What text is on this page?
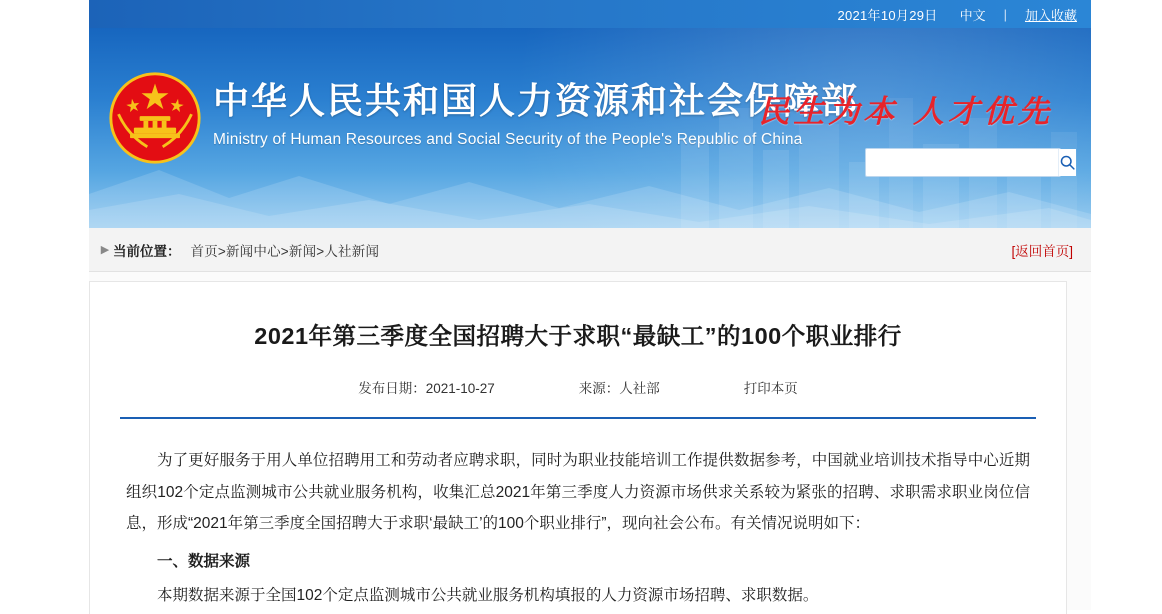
2021年10月29日 中文 | 加入收藏
中华人民共和国人力资源和社会保障部
Ministry of Human Resources and Social Security of the People's Republic of China
民生为本 人才优先
▶ 当前位置： 首页>新闻中心>新闻>人社新闻	[返回首页]
2021年第三季度全国招聘大于求职“最缺工”的100个职业排行
发布日期：2021-10-27	来源：人社部	打印本页

为了更好服务于用人单位招聘用工和劳动者应聘求职，同时为职业技能培训工作提供数据参考，中国就业培训技术指导中心近期组织102个定点监测城市公共就业服务机构，收集汇总2021年第三季度人力资源市场供求关系较为紧张的招聘、求职需求职业岗位信息，形成“2021年第三季度全国招聘大于求职‘最缺工’的100个职业排行”，现向社会公布。有关情况说明如下：

一、数据来源

本期数据来源于全国102个定点监测城市公共就业服务机构填报的人力资源市场招聘、求职数据。
